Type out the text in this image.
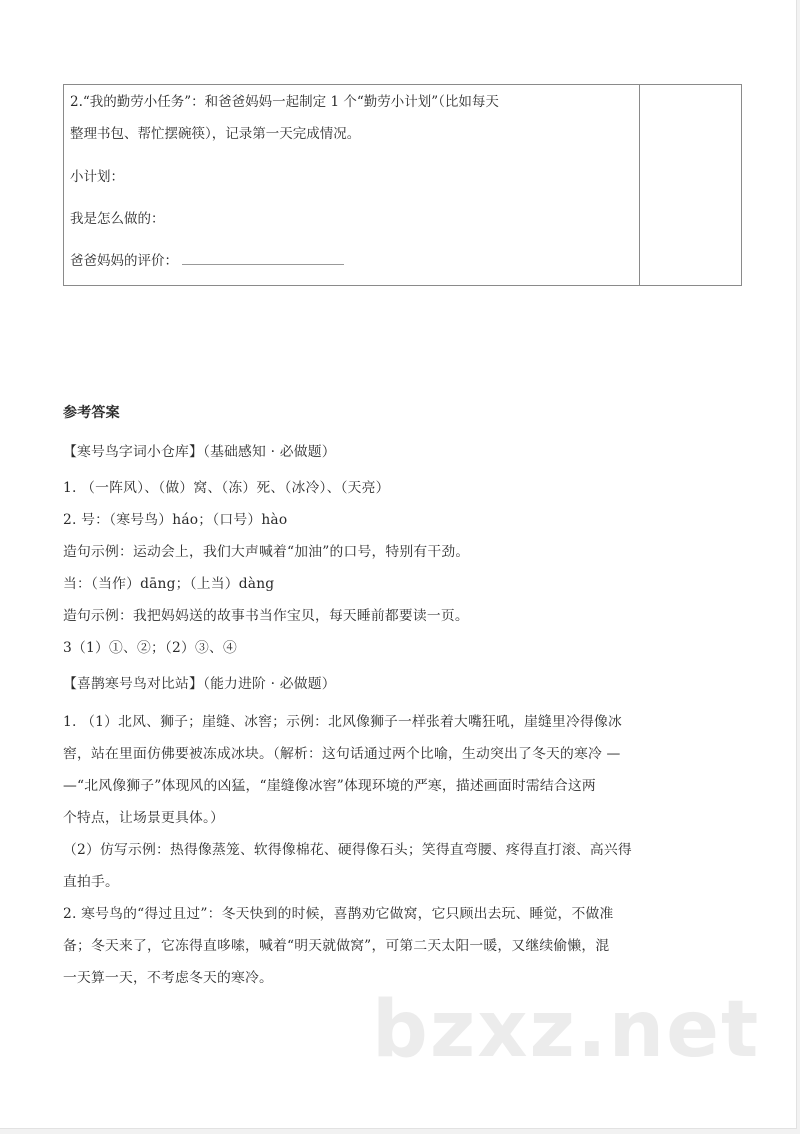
2.“我的勤劳小任务”：和爸爸妈妈一起制定 1 个“勤劳小计划”（比如每天
整理书包、帮忙摆碗筷），记录第一天完成情况。
小计划：
我是怎么做的：
爸爸妈妈的评价：
参考答案
【寒号鸟字词小仓库】（基础感知 · 必做题）
1. （一阵风）、（做）窝、（冻）死、（冰冷）、（天亮）
2. 号：（寒号鸟）háo；（口号）hào
造句示例：运动会上，我们大声喊着“加油”的口号，特别有干劲。
当：（当作）dāng；（上当）dàng
造句示例：我把妈妈送的故事书当作宝贝，每天睡前都要读一页。
3（1）①、②；（2）③、④
【喜鹊寒号鸟对比站】（能力进阶 · 必做题）
1. （1）北风、狮子；崖缝、冰窖；示例：北风像狮子一样张着大嘴狂吼，崖缝里冷得像冰
窖，站在里面仿佛要被冻成冰块。（解析：这句话通过两个比喻，生动突出了冬天的寒冷 —
—“北风像狮子”体现风的凶猛，“崖缝像冰窖”体现环境的严寒，描述画面时需结合这两
个特点，让场景更具体。）
（2）仿写示例：热得像蒸笼、软得像棉花、硬得像石头；笑得直弯腰、疼得直打滚、高兴得
直拍手。
2. 寒号鸟的“得过且过”：冬天快到的时候，喜鹊劝它做窝，它只顾出去玩、睡觉，不做准
备；冬天来了，它冻得直哆嗦，喊着“明天就做窝”，可第二天太阳一暖，又继续偷懒，混
一天算一天，不考虑冬天的寒冷。
bzxz.net
